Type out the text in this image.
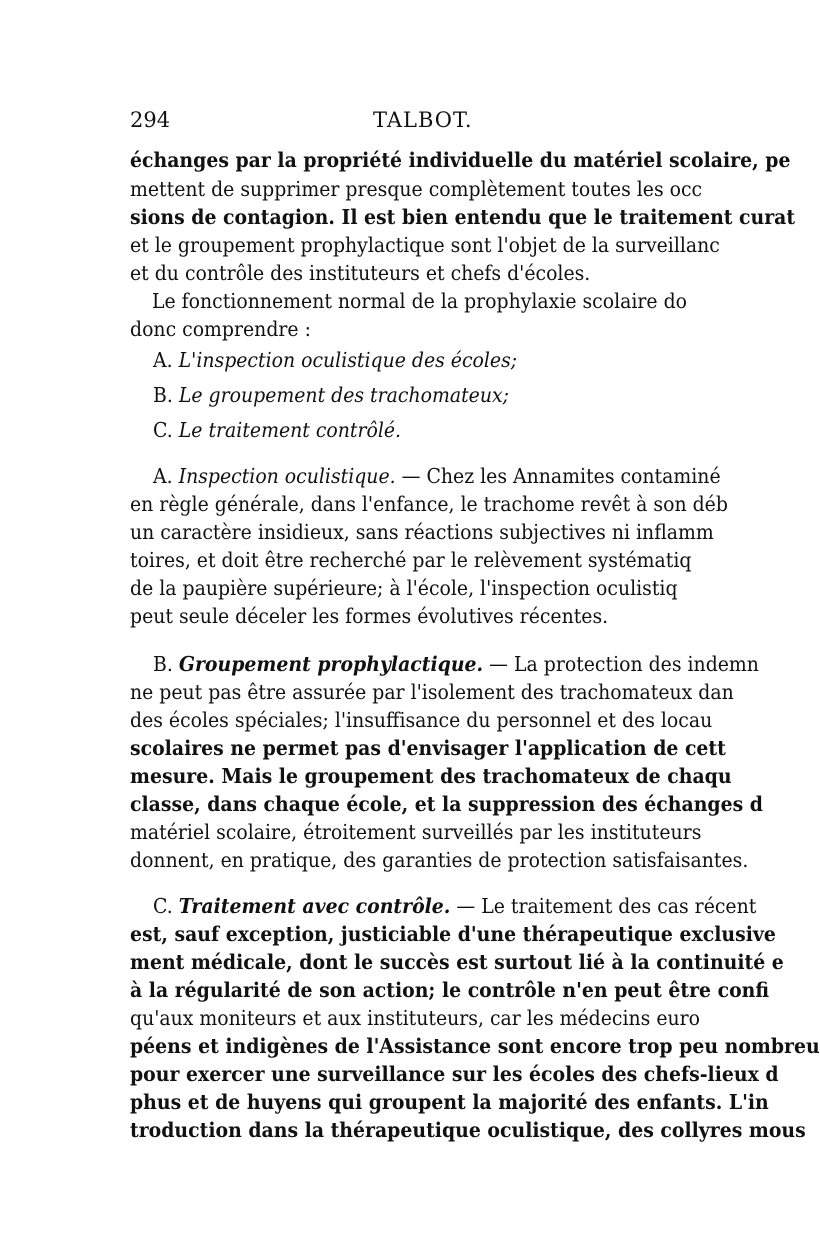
294	TALBOT.
échanges par la propriété individuelle du matériel scolaire, pe
mettent de supprimer presque complètement toutes les occ
sions de contagion. Il est bien entendu que le traitement curat
et le groupement prophylactique sont l'objet de la surveillanc
et du contrôle des instituteurs et chefs d'écoles.
Le fonctionnement normal de la prophylaxie scolaire do
donc comprendre :
A. L'inspection oculistique des écoles;
B. Le groupement des trachomateux;
C. Le traitement contrôlé.
A. Inspection oculistique. — Chez les Annamites contaminé
en règle générale, dans l'enfance, le trachome revêt à son déb
un caractère insidieux, sans réactions subjectives ni inflamm
toires, et doit être recherché par le relèvement systématiq
de la paupière supérieure; à l'école, l'inspection oculistiq
peut seule déceler les formes évolutives récentes.
B. Groupement prophylactique. — La protection des indemn
ne peut pas être assurée par l'isolement des trachomateux dan
des écoles spéciales; l'insuffisance du personnel et des locau
scolaires ne permet pas d'envisager l'application de cett
mesure. Mais le groupement des trachomateux de chaqu
classe, dans chaque école, et la suppression des échanges d
matériel scolaire, étroitement surveillés par les instituteurs
donnent, en pratique, des garanties de protection satisfaisantes.
C. Traitement avec contrôle. — Le traitement des cas récent
est, sauf exception, justiciable d'une thérapeutique exclusive
ment médicale, dont le succès est surtout lié à la continuité e
à la régularité de son action; le contrôle n'en peut être confi
qu'aux moniteurs et aux instituteurs, car les médecins euro
péens et indigènes de l'Assistance sont encore trop peu nombreu
pour exercer une surveillance sur les écoles des chefs-lieux d
phus et de huyens qui groupent la majorité des enfants. L'in
troduction dans la thérapeutique oculistique, des collyres mous
